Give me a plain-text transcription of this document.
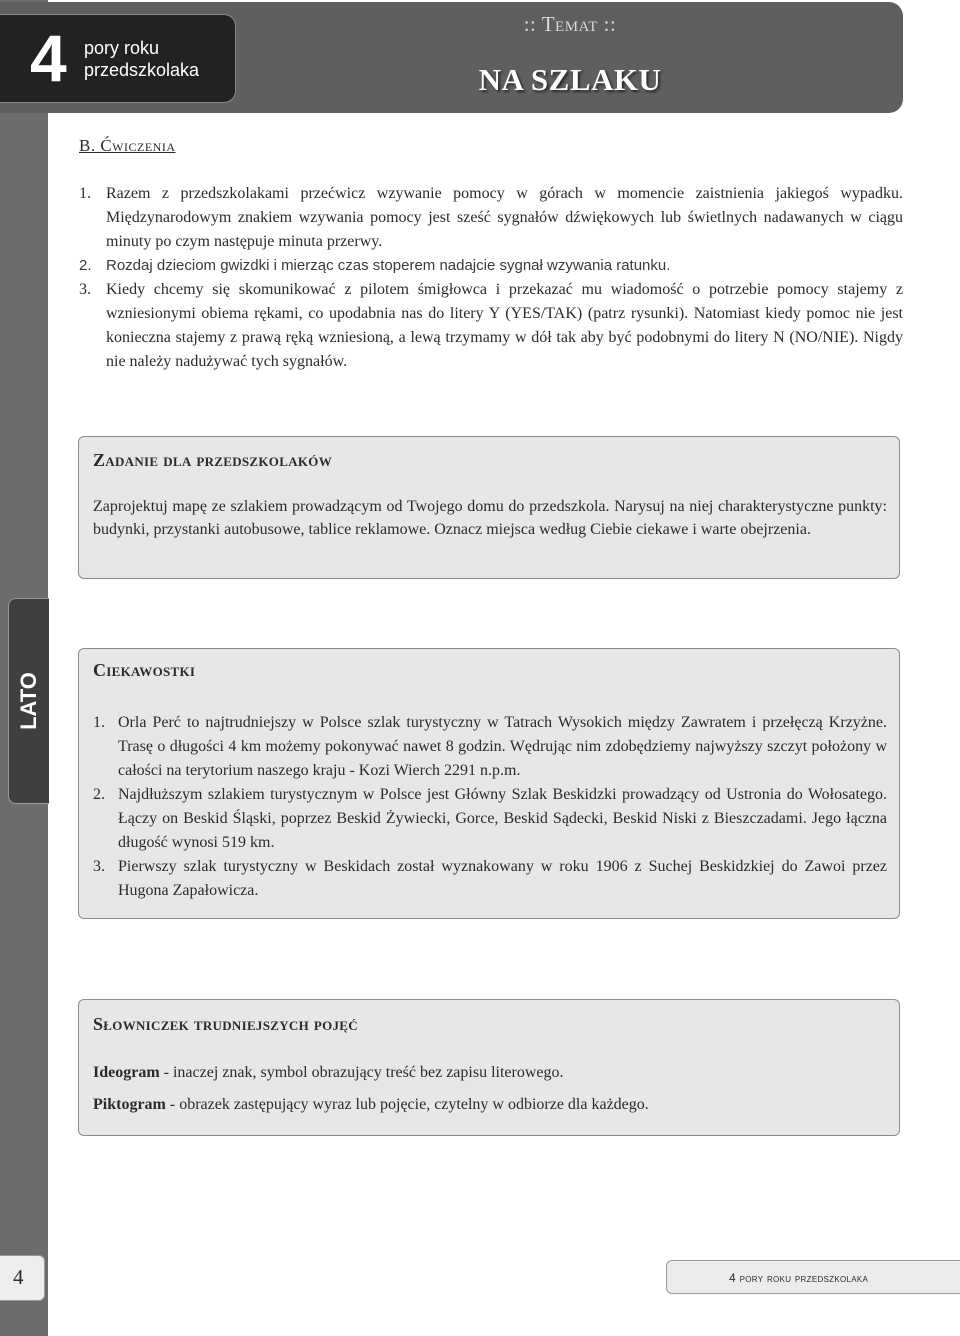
4 pory roku przedszkolaka
:: Temat ::
NA SZLAKU
B. Ćwiczenia
1. Razem z przedszkolakami przećwicz wzywanie pomocy w górach w momencie zaistnienia jakiegoś wypadku. Międzynarodowym znakiem wzywania pomocy jest sześć sygnałów dźwiękowych lub świetlnych nadawanych w ciągu minuty po czym następuje minuta przerwy.
2. Rozdaj dzieciom gwizdki i mierząc czas stoperem nadajcie sygnał wzywania ratunku.
3. Kiedy chcemy się skomunikować z pilotem śmigłowca i przekazać mu wiadomość o potrzebie pomocy stajemy z wzniesionymi obiema rękami, co upodabnia nas do litery Y (YES/TAK) (patrz rysunki). Natomiast kiedy pomoc nie jest konieczna stajemy z prawą ręką wzniesioną, a lewą trzymamy w dół tak aby być podobnymi do litery N (NO/NIE). Nigdy nie należy nadużywać tych sygnałów.
Zadanie dla przedszkolaków
Zaprojektuj mapę ze szlakiem prowadzącym od Twojego domu do przedszkola. Narysuj na niej charakterystyczne punkty: budynki, przystanki autobusowe, tablice reklamowe. Oznacz miejsca według Ciebie ciekawe i warte obejrzenia.
Ciekawostki
1. Orla Perć to najtrudniejszy w Polsce szlak turystyczny w Tatrach Wysokich między Zawratem i przełęczą Krzyżne. Trasę o długości 4 km możemy pokonywać nawet 8 godzin. Wędrując nim zdobędziemy najwyższy szczyt położony w całości na terytorium naszego kraju - Kozi Wierch 2291 n.p.m.
2. Najdłuższym szlakiem turystycznym w Polsce jest Główny Szlak Beskidzki prowadzący od Ustronia do Wołosatego. Łączy on Beskid Śląski, poprzez Beskid Żywiecki, Gorce, Beskid Sądecki, Beskid Niski z Bieszczadami. Jego łączna długość wynosi 519 km.
3. Pierwszy szlak turystyczny w Beskidach został wyznakowany w roku 1906 z Suchej Beskidzkiej do Zawoi przez Hugona Zapałowicza.
Słowniczek trudniejszych pojęć

Ideogram - inaczej znak, symbol obrazujący treść bez zapisu literowego.

Piktogram - obrazek zastępujący wyraz lub pojęcie, czytelny w odbiorze dla każdego.

LATO
4	4 pory roku przedszkolaka
